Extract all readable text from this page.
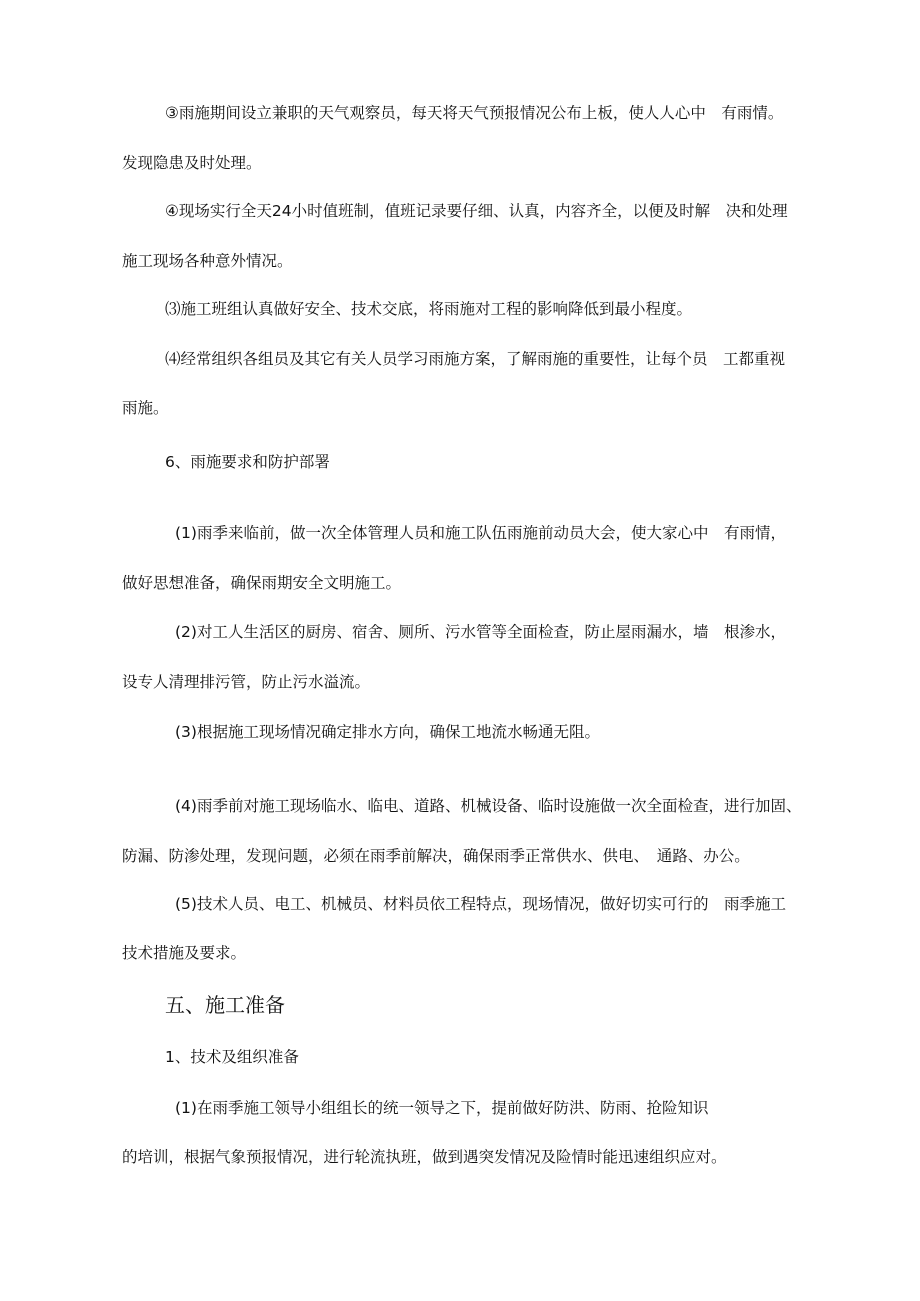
③雨施期间设立兼职的天气观察员，每天将天气预报情况公布上板，使人人心中　有雨情。

发现隐患及时处理。

④现场实行全天24小时值班制，值班记录要仔细、认真，内容齐全，以便及时解　决和处理

施工现场各种意外情况。

⑶施工班组认真做好安全、技术交底，将雨施对工程的影响降低到最小程度。

⑷经常组织各组员及其它有关人员学习雨施方案，了解雨施的重要性，让每个员　工都重视

雨施。

6、雨施要求和防护部署

(1)雨季来临前，做一次全体管理人员和施工队伍雨施前动员大会，使大家心中　有雨情，

做好思想准备，确保雨期安全文明施工。

(2)对工人生活区的厨房、宿舍、厕所、污水管等全面检查，防止屋雨漏水，墙　根渗水，

设专人清理排污管，防止污水溢流。

(3)根据施工现场情况确定排水方向，确保工地流水畅通无阻。

(4)雨季前对施工现场临水、临电、道路、机械设备、临时设施做一次全面检查，进行加固、

防漏、防渗处理，发现问题，必须在雨季前解决，确保雨季正常供水、供电、　通路、办公。

(5)技术人员、电工、机械员、材料员依工程特点，现场情况，做好切实可行的　雨季施工

技术措施及要求。

五、施工准备

1、技术及组织准备

(1)在雨季施工领导小组组长的统一领导之下，提前做好防洪、防雨、抢险知识

的培训，根据气象预报情况，进行轮流执班，做到遇突发情况及险情时能迅速组织应对。
